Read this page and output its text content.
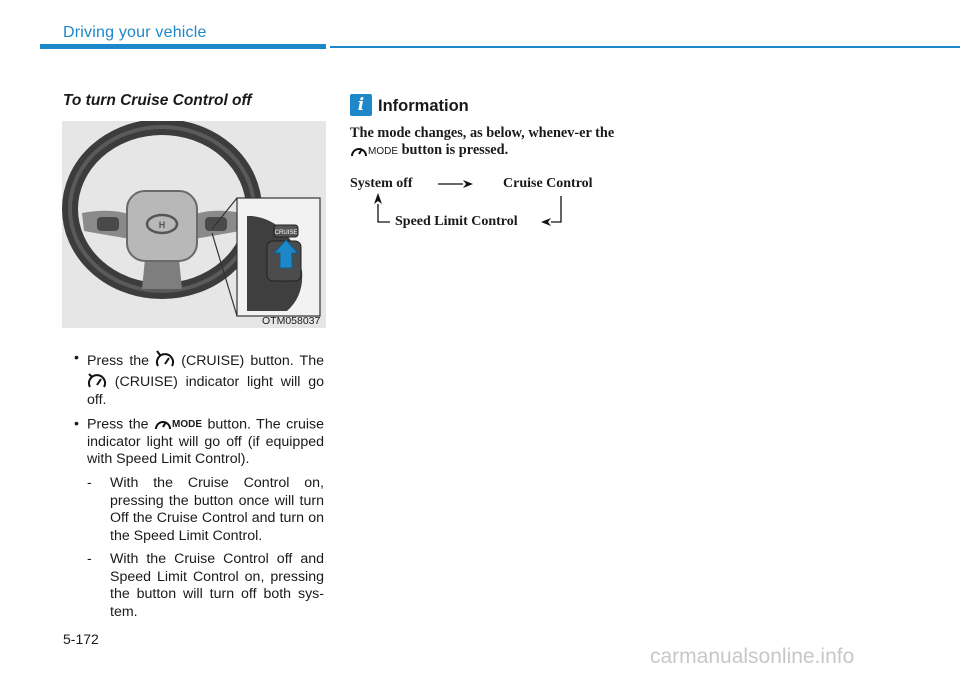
Driving your vehicle
To turn Cruise Control off
H
CRUISE
OTM058037
• Press the (CRUISE) button. The  (CRUISE) indicator light will go off.
• Press the MODE button. The cruise indicator light will go off (if equipped with Speed Limit Control).
- With the Cruise Control on, pressing the button once will turn Off the Cruise Control and turn on the Speed Limit Control.
- With the Cruise Control off and Speed Limit Control on, pressing the button will turn off both sys-tem.
i Information
The mode changes, as below, whenev-er the MODE button is pressed.
System off	Cruise Control
Speed Limit Control
5-172
carmanualsonline.info
